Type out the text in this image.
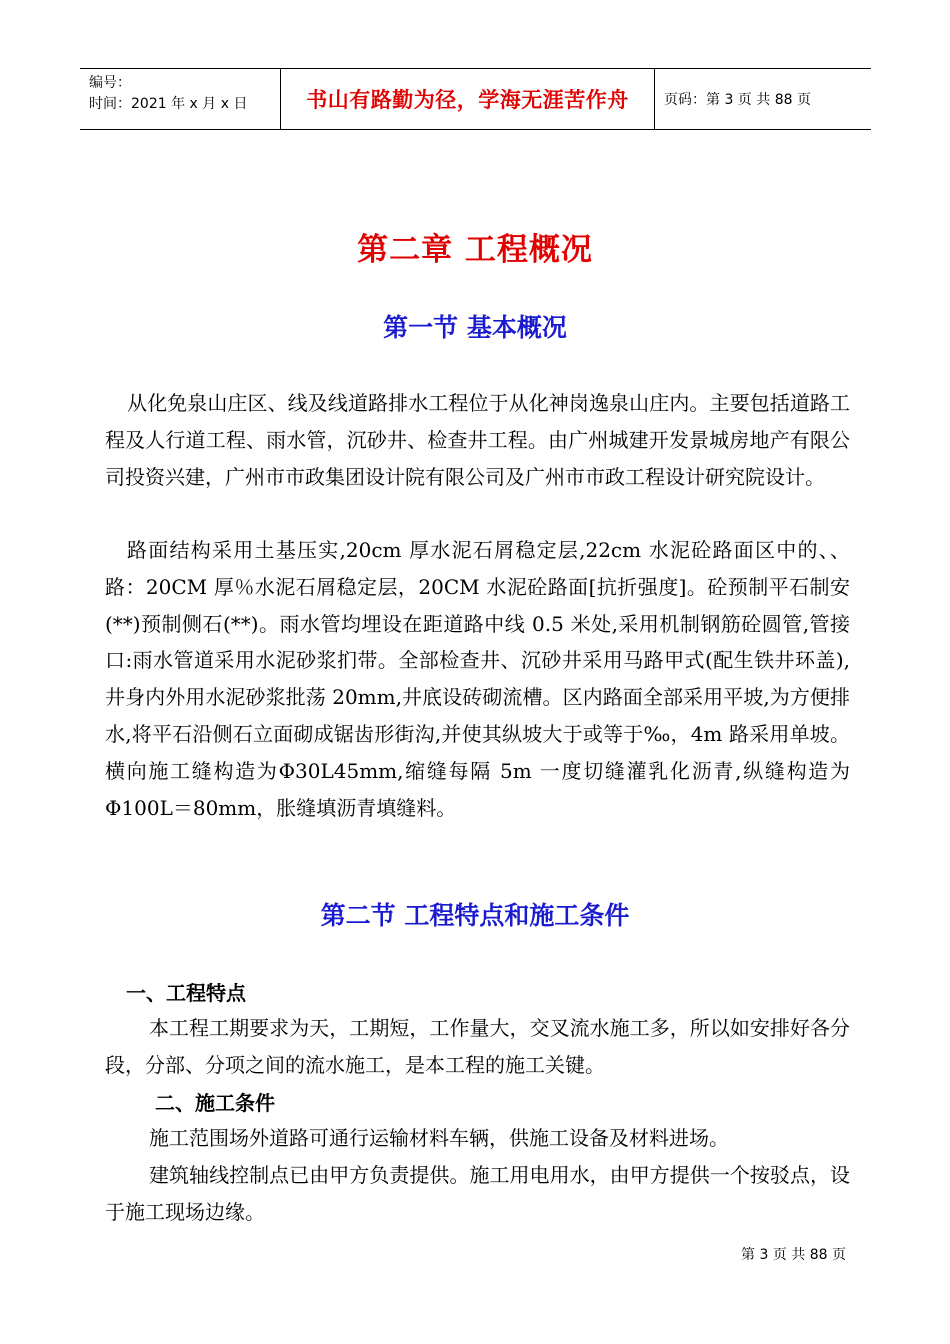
编号：
时间：2021 年 x 月 x 日	书山有路勤为径，学海无涯苦作舟	页码：第 3 页 共 88 页
第二章 工程概况
第一节 基本概况

从化免泉山庄区、线及线道路排水工程位于从化神岗逸泉山庄内。主要包括道路工程及人行道工程、雨水管，沉砂井、检查井工程。由广州城建开发景城房地产有限公司投资兴建，广州市市政集团设计院有限公司及广州市市政工程设计研究院设计。

路面结构采用土基压实,20cm 厚水泥石屑稳定层,22cm 水泥砼路面区中的、、路：20CM 厚％水泥石屑稳定层，20CM 水泥砼路面[抗折强度]。砼预制平石制安(**)预制侧石(**)。雨水管均埋设在距道路中线 0.5 米处,采用机制钢筋砼圆管,管接口:雨水管道采用水泥砂浆扪带。全部检查井、沉砂井采用马路甲式(配生铁井环盖),井身内外用水泥砂浆批荡 20mm,井底设砖砌流槽。区内路面全部采用平坡,为方便排水,将平石沿侧石立面砌成锯齿形街沟,并使其纵坡大于或等于‰，4m 路采用单坡。横向施工缝构造为Φ30L45mm,缩缝每隔 5m 一度切缝灌乳化沥青,纵缝构造为Φ100L＝80mm，胀缝填沥青填缝料。

第二节 工程特点和施工条件
一、工程特点

本工程工期要求为天，工期短，工作量大，交叉流水施工多，所以如安排好各分段，分部、分项之间的流水施工，是本工程的施工关键。

二、施工条件

施工范围场外道路可通行运输材料车辆，供施工设备及材料进场。

建筑轴线控制点已由甲方负责提供。施工用电用水，由甲方提供一个按驳点，设于施工现场边缘。

第 3 页 共 88 页
